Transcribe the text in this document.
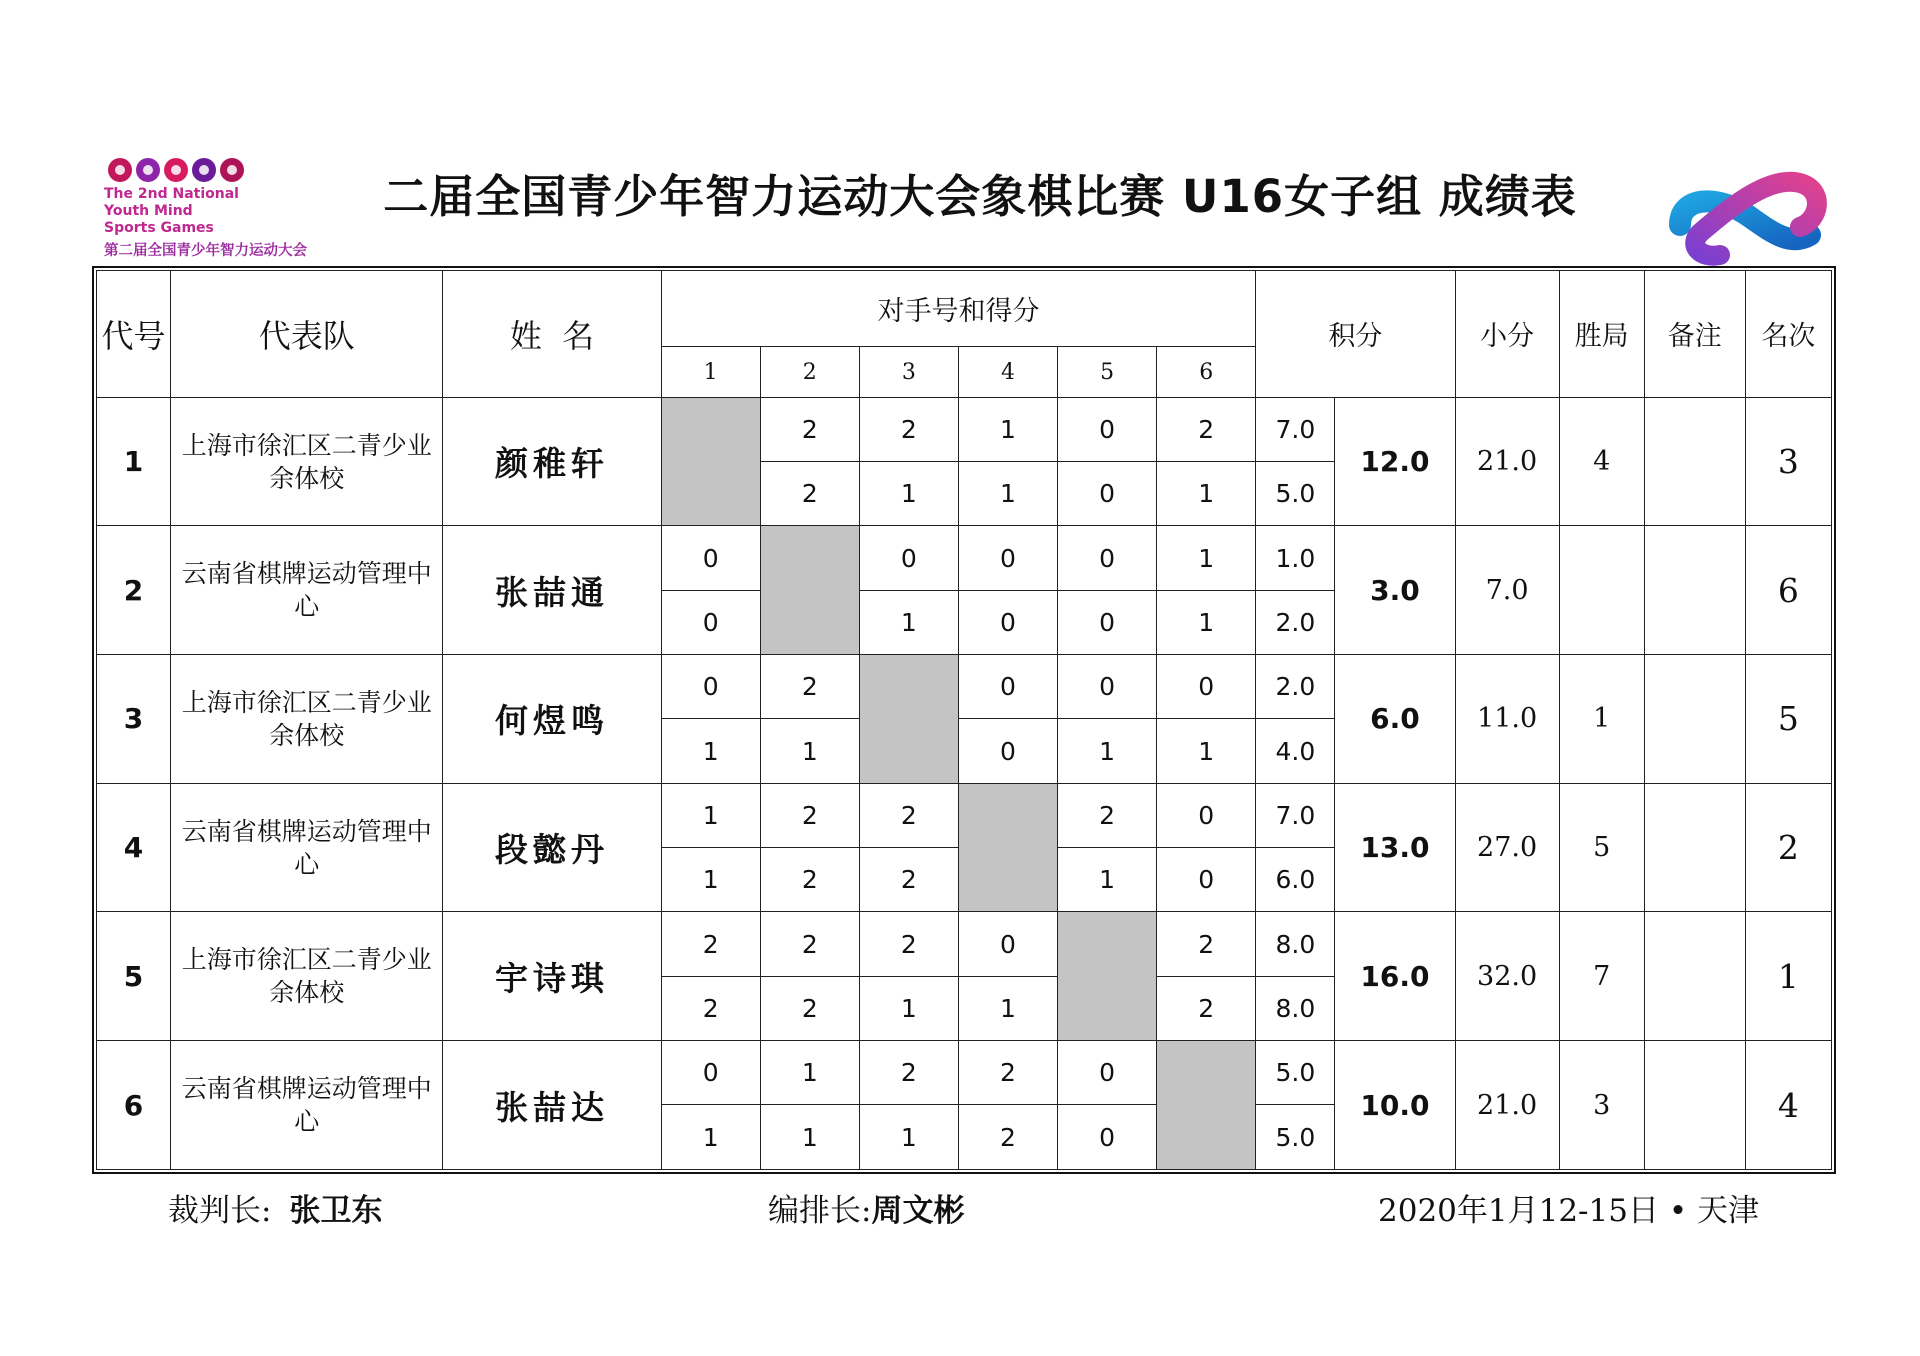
The 2nd National
Youth Mind
Sports Games
第二届全国青少年智力运动大会
二届全国青少年智力运动大会象棋比赛 U16女子组 成绩表
代号	代表队	姓  名	对手号和得分						积分		小分	胜局	备注	名次
			1	2	3	4	5	6						
1	上海市徐汇区二青少业余体校	颜稚轩		2	2	1	0	2	7.0	12.0	21.0	4		3
				2	1	1	0	1	5.0					
2	云南省棋牌运动管理中心	张喆通	0		0	0	0	1	1.0	3.0	7.0			6
			0		1	0	0	1	2.0					
3	上海市徐汇区二青少业余体校	何煜鸣	0	2		0	0	0	2.0	6.0	11.0	1		5
			1	1		0	1	1	4.0					
4	云南省棋牌运动管理中心	段懿丹	1	2	2		2	0	7.0	13.0	27.0	5		2
			1	2	2		1	0	6.0					
5	上海市徐汇区二青少业余体校	宇诗琪	2	2	2	0		2	8.0	16.0	32.0	7		1
			2	2	1	1		2	8.0					
6	云南省棋牌运动管理中心	张喆达	0	1	2	2	0		5.0	10.0	21.0	3		4
			1	1	1	2	0		5.0					
裁判长: 张卫东	编排长:周文彬	2020年1月12-15日 • 天津
